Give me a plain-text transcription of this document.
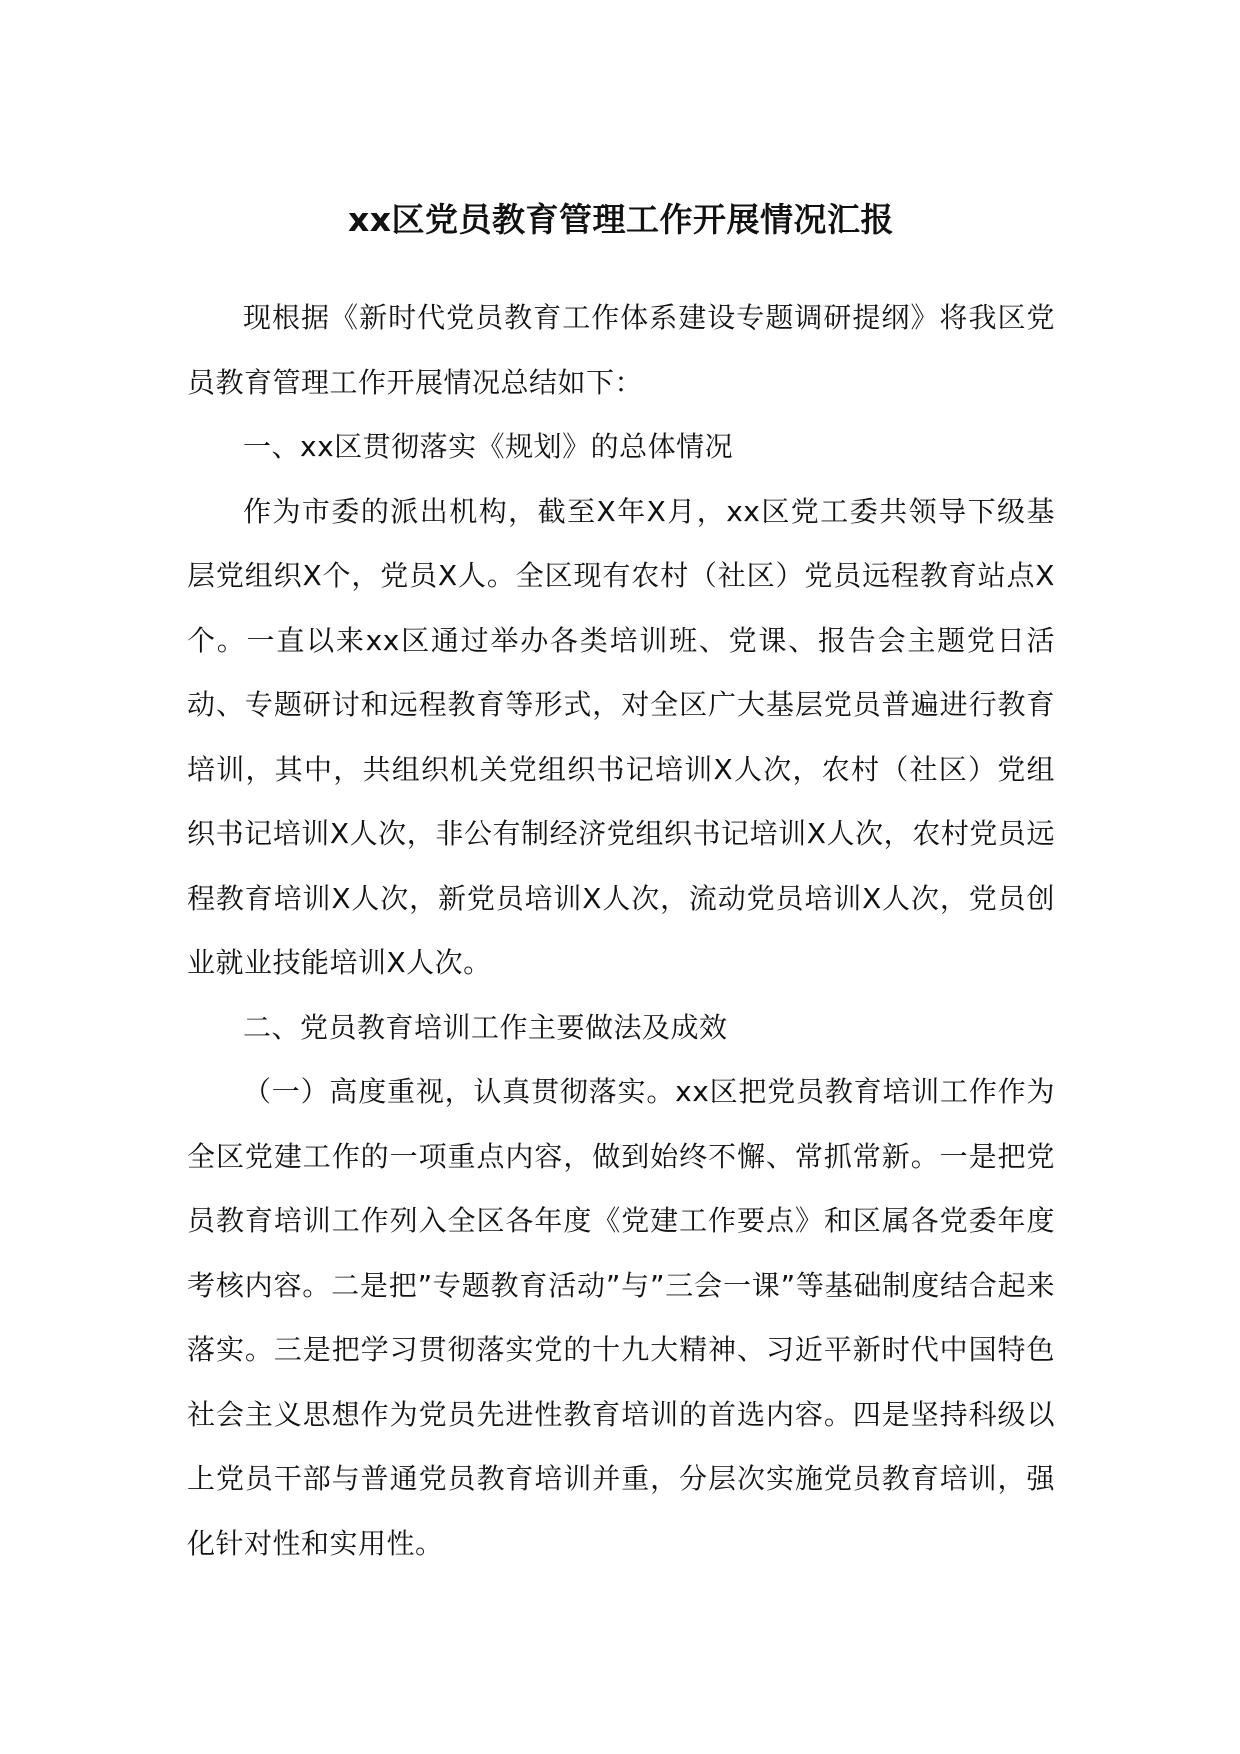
xx区党员教育管理工作开展情况汇报

现根据《新时代党员教育工作体系建设专题调研提纲》将我区党员教育管理工作开展情况总结如下：

一、xx区贯彻落实《规划》的总体情况

作为市委的派出机构，截至X年X月，xx区党工委共领导下级基层党组织X个，党员X人。全区现有农村（社区）党员远程教育站点X个。一直以来xx区通过举办各类培训班、党课、报告会主题党日活动、专题研讨和远程教育等形式，对全区广大基层党员普遍进行教育培训，其中，共组织机关党组织书记培训X人次，农村（社区）党组织书记培训X人次，非公有制经济党组织书记培训X人次，农村党员远程教育培训X人次，新党员培训X人次，流动党员培训X人次，党员创业就业技能培训X人次。

二、党员教育培训工作主要做法及成效

（一）高度重视，认真贯彻落实。xx区把党员教育培训工作作为全区党建工作的一项重点内容，做到始终不懈、常抓常新。一是把党员教育培训工作列入全区各年度《党建工作要点》和区属各党委年度考核内容。二是把”专题教育活动”与”三会一课”等基础制度结合起来落实。三是把学习贯彻落实党的十九大精神、习近平新时代中国特色社会主义思想作为党员先进性教育培训的首选内容。四是坚持科级以上党员干部与普通党员教育培训并重，分层次实施党员教育培训，强化针对性和实用性。
